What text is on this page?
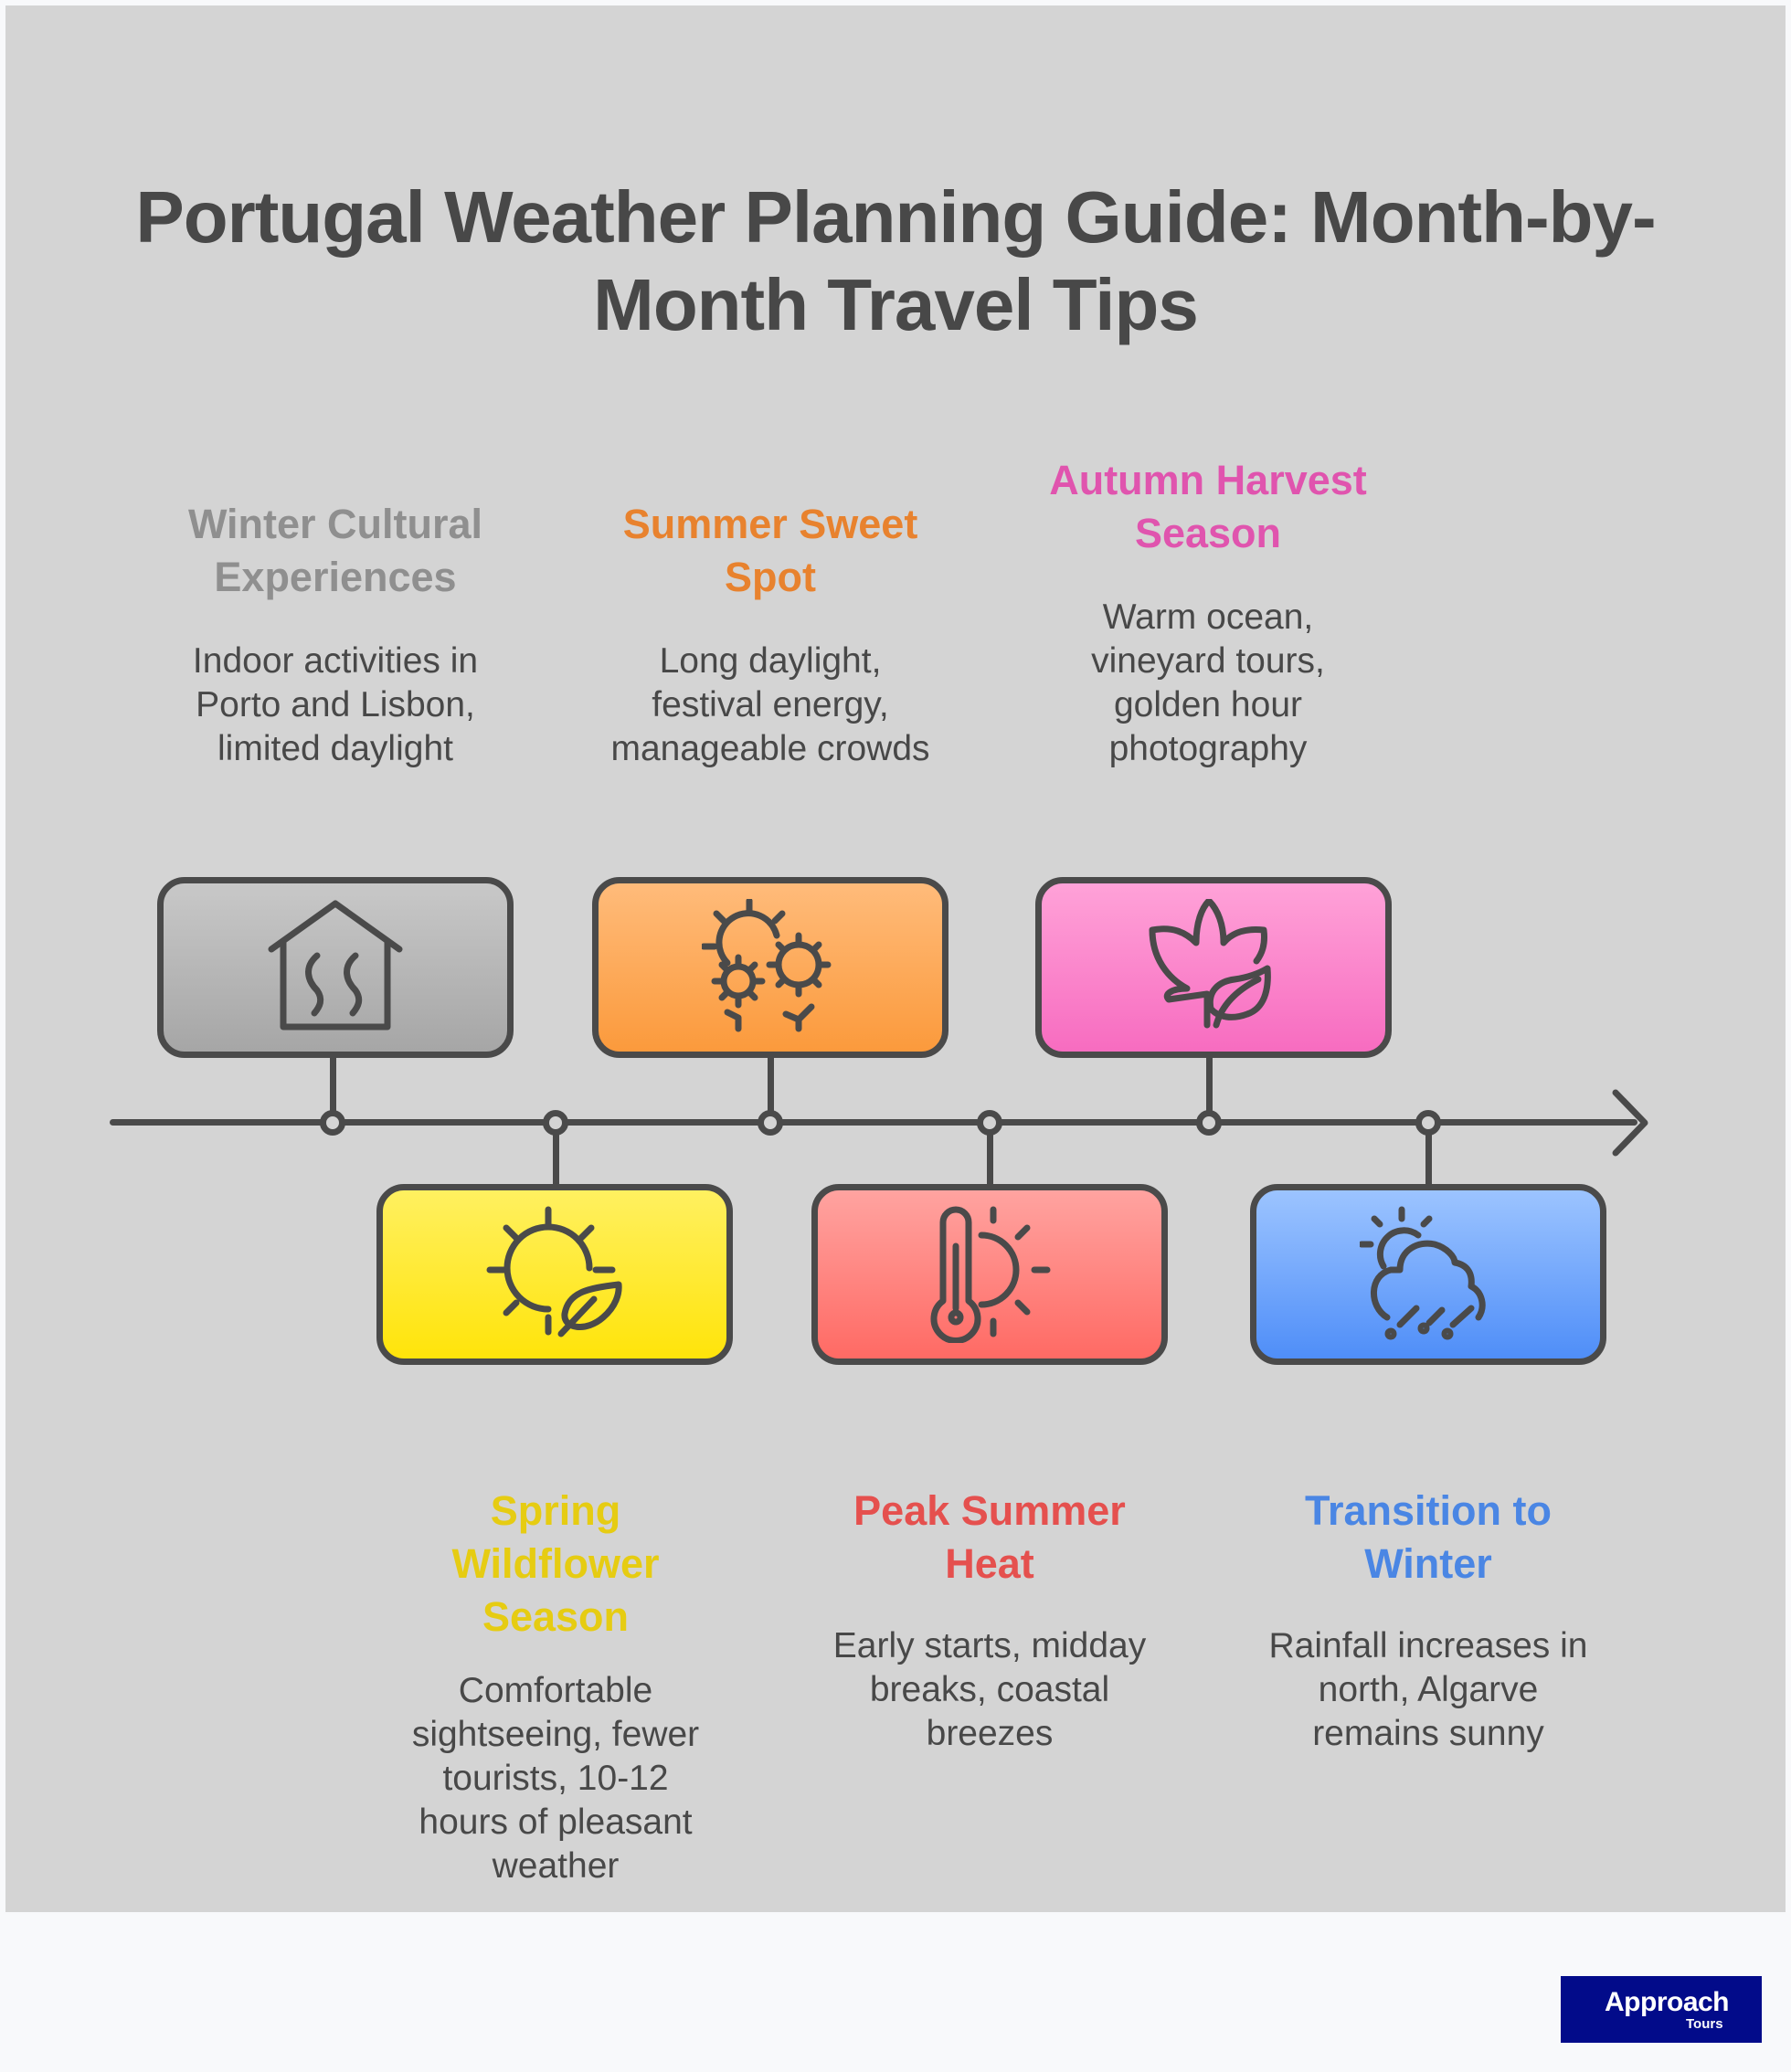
Portugal Weather Planning Guide: Month-by-
Month Travel Tips
Winter Cultural
Experiences
Indoor activities in
Porto and Lisbon,
limited daylight
Spring
Wildflower
Season
Comfortable
sightseeing, fewer
tourists, 10-12
hours of pleasant
weather
Summer Sweet
Spot
Long daylight,
festival energy,
manageable crowds
Peak Summer
Heat
Early starts, midday
breaks, coastal
breezes
Autumn Harvest
Season
Warm ocean,
vineyard tours,
golden hour
photography
Transition to
Winter
Rainfall increases in
north, Algarve
remains sunny
Approach
Tours
